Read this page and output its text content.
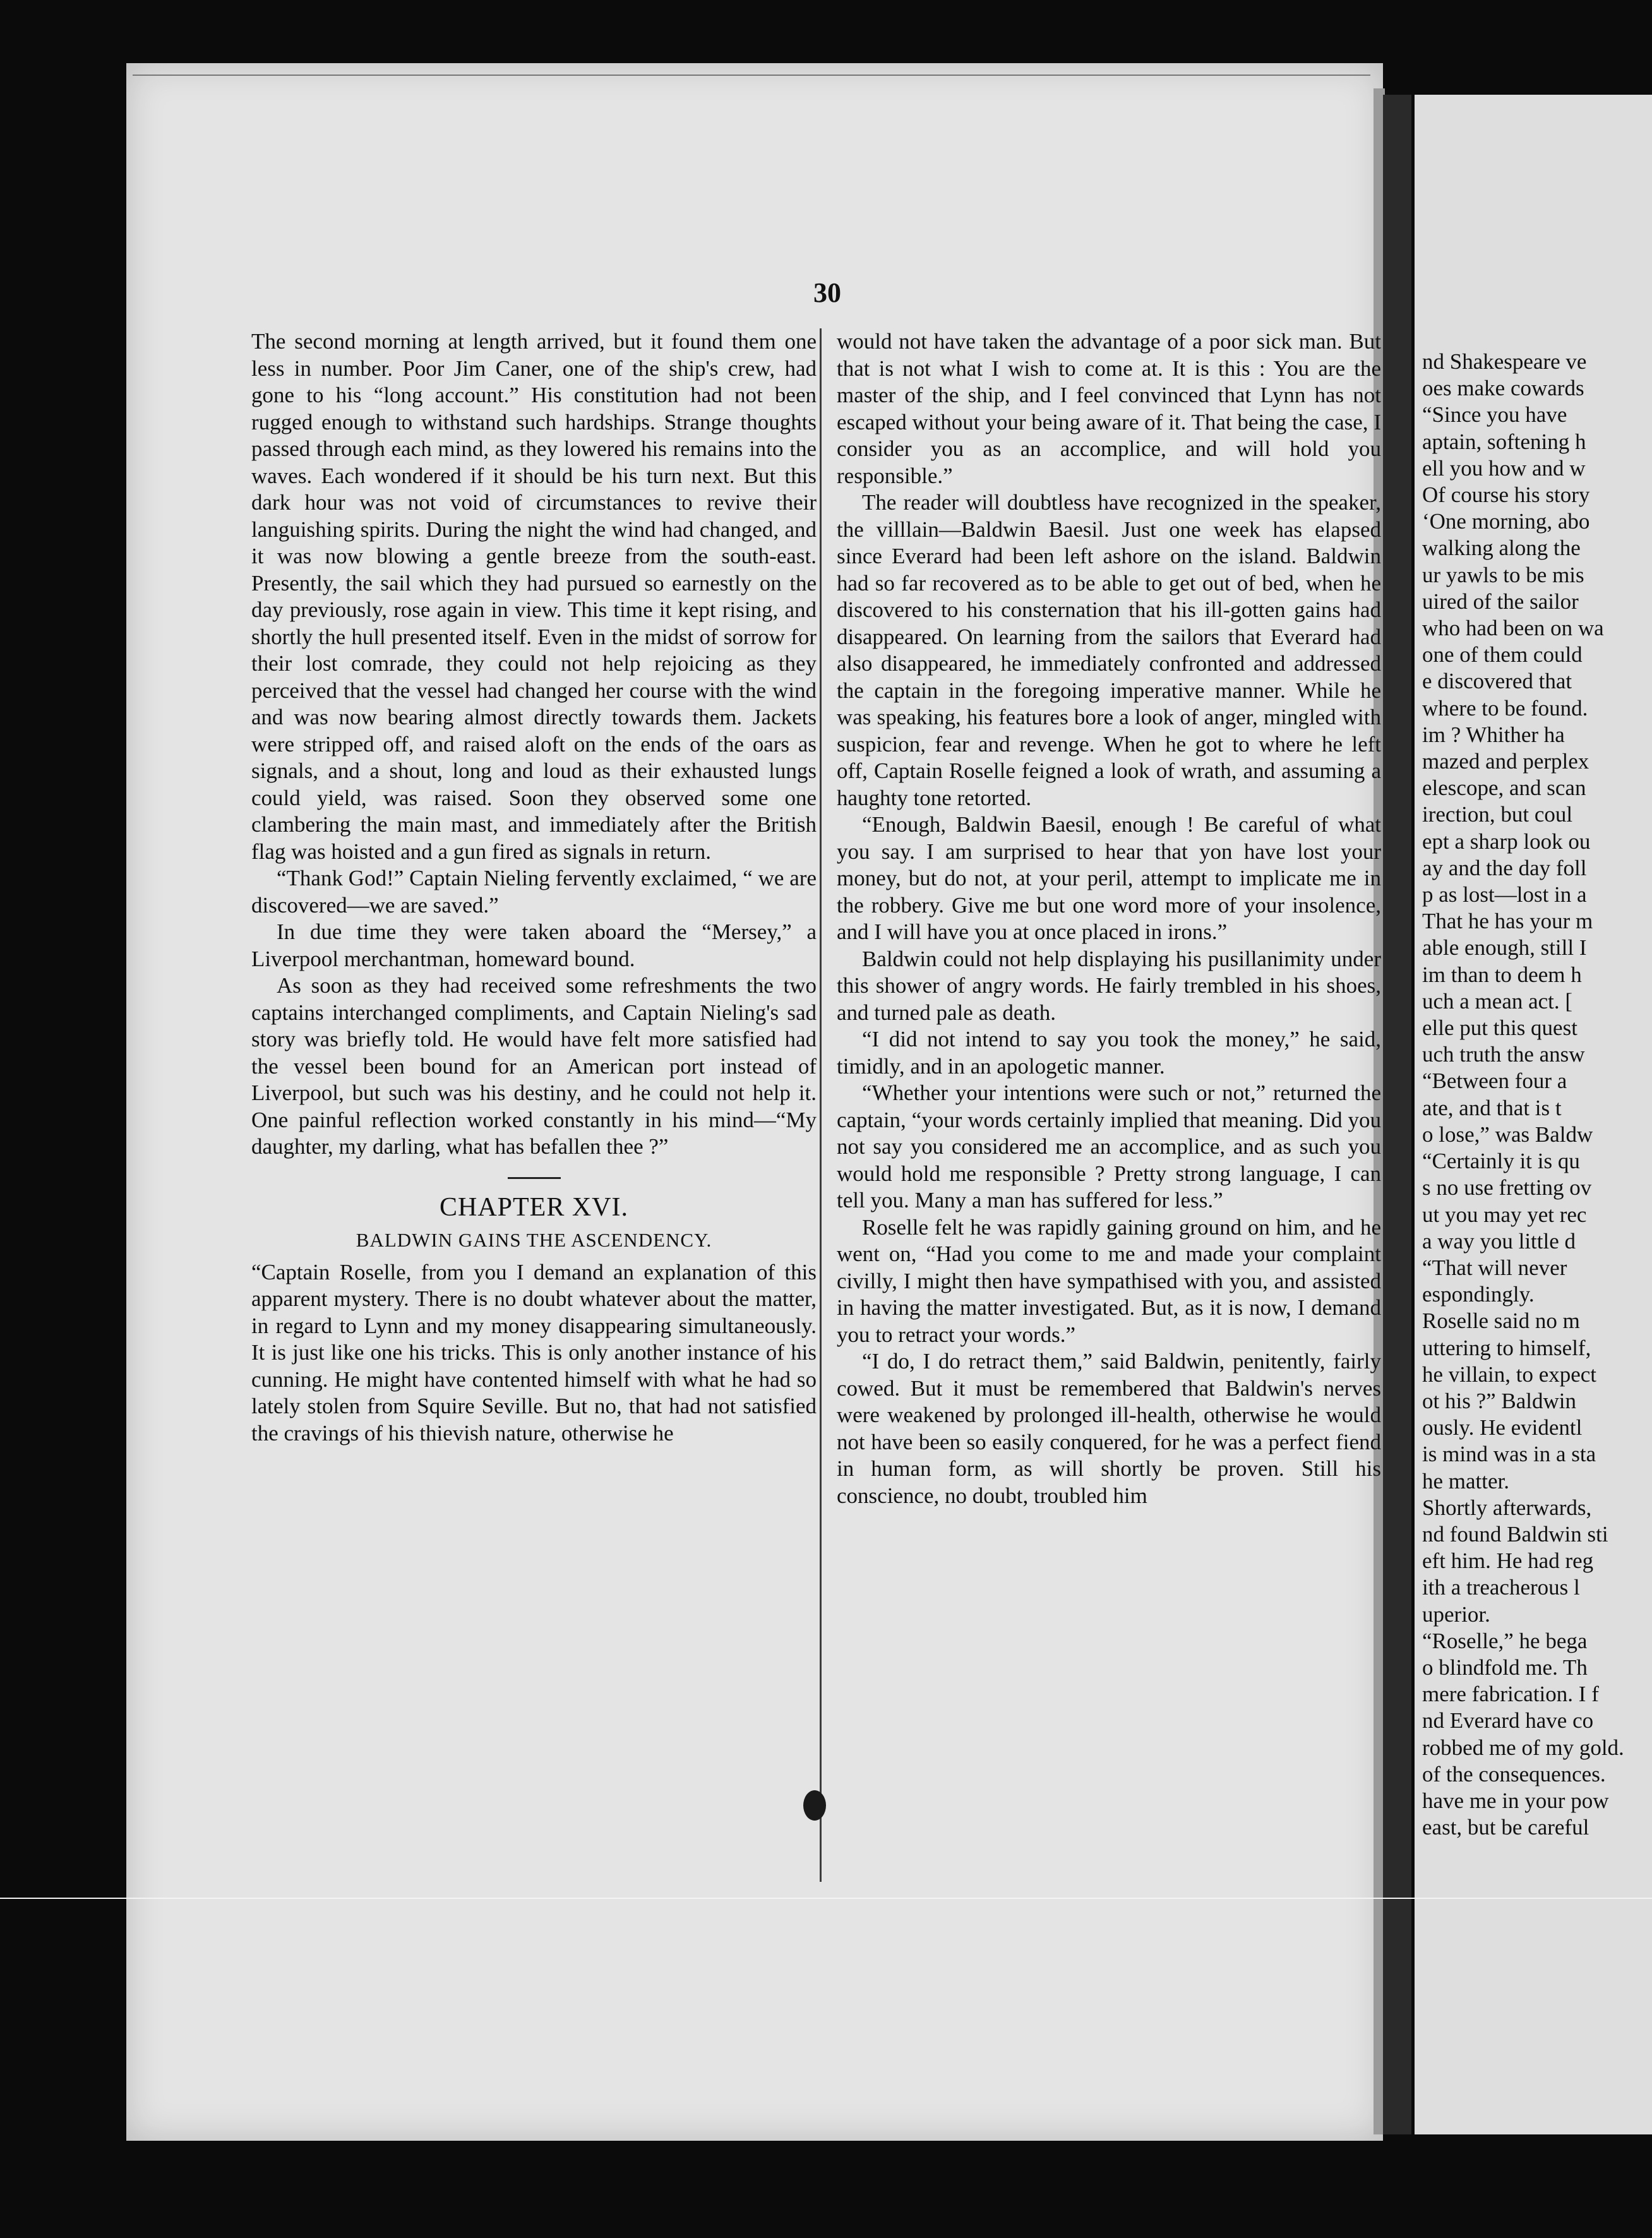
30

The second morning at length arrived, but it found them one less in number. Poor Jim Caner, one of the ship's crew, had gone to his “long account.” His constitution had not been rugged enough to withstand such hardships. Strange thoughts passed through each mind, as they lowered his remains into the waves. Each wondered if it should be his turn next. But this dark hour was not void of circumstances to revive their languishing spirits. During the night the wind had changed, and it was now blowing a gentle breeze from the south-east. Presently, the sail which they had pursued so earnestly on the day previously, rose again in view. This time it kept rising, and shortly the hull presented itself. Even in the midst of sorrow for their lost comrade, they could not help rejoicing as they perceived that the vessel had changed her course with the wind and was now bearing almost directly towards them. Jackets were stripped off, and raised aloft on the ends of the oars as signals, and a shout, long and loud as their exhausted lungs could yield, was raised. Soon they observed some one clambering the main mast, and immediately after the British flag was hoisted and a gun fired as signals in return.

“Thank God!” Captain Nieling fervently exclaimed, “ we are discovered—we are saved.”

In due time they were taken aboard the “Mersey,” a Liverpool merchantman, homeward bound.

As soon as they had received some refreshments the two captains interchanged compliments, and Captain Nieling's sad story was briefly told. He would have felt more satisfied had the vessel been bound for an American port instead of Liverpool, but such was his destiny, and he could not help it. One painful reflection worked constantly in his mind—“My daughter, my darling, what has befallen thee ?”

CHAPTER XVI.
BALDWIN GAINS THE ASCENDENCY.

“Captain Roselle, from you I demand an explanation of this apparent mystery. There is no doubt whatever about the matter, in regard to Lynn and my money disappearing simultaneously. It is just like one his tricks. This is only another instance of his cunning. He might have contented himself with what he had so lately stolen from Squire Seville. But no, that had not satisfied the cravings of his thievish nature, otherwise he

would not have taken the advantage of a poor sick man. But that is not what I wish to come at. It is this : You are the master of the ship, and I feel convinced that Lynn has not escaped without your being aware of it. That being the case, I consider you as an accomplice, and will hold you responsible.”

The reader will doubtless have recognized in the speaker, the villlain—Baldwin Baesil. Just one week has elapsed since Everard had been left ashore on the island. Baldwin had so far recovered as to be able to get out of bed, when he discovered to his consternation that his ill-gotten gains had disappeared. On learning from the sailors that Everard had also disappeared, he immediately confronted and addressed the captain in the foregoing imperative manner. While he was speaking, his features bore a look of anger, mingled with suspicion, fear and revenge. When he got to where he left off, Captain Roselle feigned a look of wrath, and assuming a haughty tone retorted.

“Enough, Baldwin Baesil, enough ! Be careful of what you say. I am surprised to hear that yon have lost your money, but do not, at your peril, attempt to implicate me in the robbery. Give me but one word more of your insolence, and I will have you at once placed in irons.”

Baldwin could not help displaying his pusillanimity under this shower of angry words. He fairly trembled in his shoes, and turned pale as death.

“I did not intend to say you took the money,” he said, timidly, and in an apologetic manner.

“Whether your intentions were such or not,” returned the captain, “your words certainly implied that meaning. Did you not say you considered me an accomplice, and as such you would hold me responsible ? Pretty strong language, I can tell you. Many a man has suffered for less.”

Roselle felt he was rapidly gaining ground on him, and he went on, “Had you come to me and made your complaint civilly, I might then have sympathised with you, and assisted in having the matter investigated. But, as it is now, I demand you to retract your words.”

“I do, I do retract them,” said Baldwin, penitently, fairly cowed. But it must be remembered that Baldwin's nerves were weakened by prolonged ill-health, otherwise he would not have been so easily conquered, for he was a perfect fiend in human form, as will shortly be proven. Still his conscience, no doubt, troubled him

nd Shakespeare ve
oes make cowards
“Since you have
aptain, softening h
ell you how and w
Of course his story
‘One morning, abo
walking along the
ur yawls to be mis
uired of the sailor
who had been on wa
one of them could
e discovered that
where to be found.
im ? Whither ha
mazed and perplex
elescope, and scan
irection, but coul
ept a sharp look ou
ay and the day foll
p as lost—lost in a
That he has your m
able enough, still I
im than to deem h
uch a mean act. [
elle put this quest
uch truth the answ
“Between four a
ate, and that is t
o lose,” was Baldw
“Certainly it is qu
s no use fretting ov
ut you may yet rec
a way you little d
“That will never
espondingly.
Roselle said no m
uttering to himself,
he villain, to expect
ot his ?” Baldwin
ously. He evidentl
is mind was in a sta
he matter.
Shortly afterwards,
nd found Baldwin sti
eft him. He had reg
ith a treacherous l
uperior.
“Roselle,” he bega
o blindfold me. Th
mere fabrication. I f
nd Everard have co
robbed me of my gold.
of the consequences.
have me in your pow
east, but be careful
